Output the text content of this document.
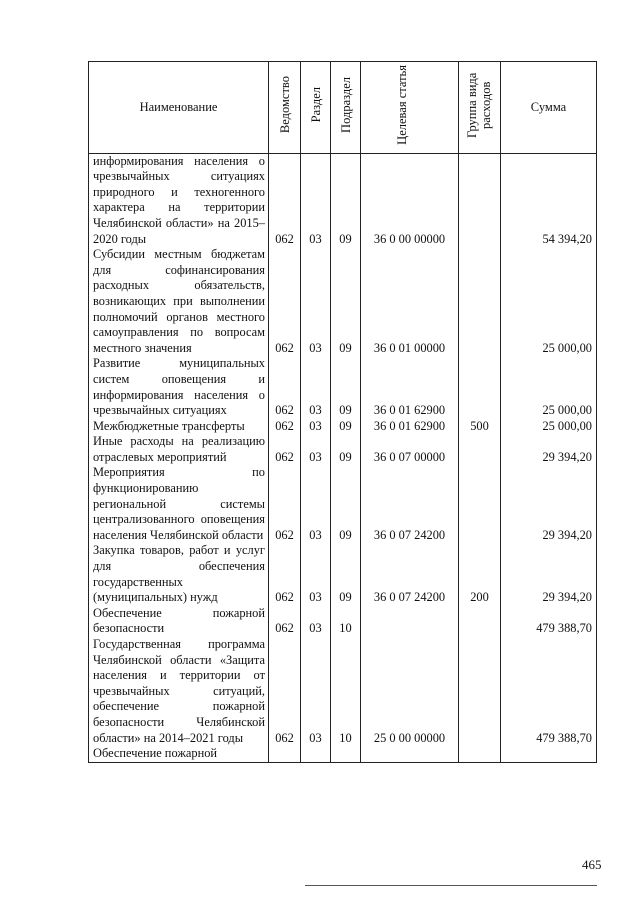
Наименование	Ведомство	Раздел	Подраздел	Целевая статья	Группа вида расходов	Сумма
информирования населения о чрезвычайных ситуациях природного и техногенного характера на территории Челябинской области» на 2015–2020 годы	062	03	09	36 0 00 00000		54 394,20
Субсидии местным бюджетам для софинансирования расходных обязательств, возникающих при выполнении полномочий органов местного самоуправления по вопросам местного значения	062	03	09	36 0 01 00000		25 000,00
Развитие муниципальных систем оповещения и информирования населения о чрезвычайных ситуациях	062	03	09	36 0 01 62900		25 000,00
Межбюджетные трансферты	062	03	09	36 0 01 62900	500	25 000,00
Иные расходы на реализацию отраслевых мероприятий	062	03	09	36 0 07 00000		29 394,20
Мероприятия по функционированию региональной системы централизованного оповещения населения Челябинской области	062	03	09	36 0 07 24200		29 394,20
Закупка товаров, работ и услуг для обеспечения государственных (муниципальных) нужд	062	03	09	36 0 07 24200	200	29 394,20
Обеспечение пожарной безопасности	062	03	10			479 388,70
Государственная программа Челябинской области «Защита населения и территории от чрезвычайных ситуаций, обеспечение пожарной безопасности Челябинской области» на 2014–2021 годы	062	03	10	25 0 00 00000		479 388,70
Обеспечение пожарной						
465
